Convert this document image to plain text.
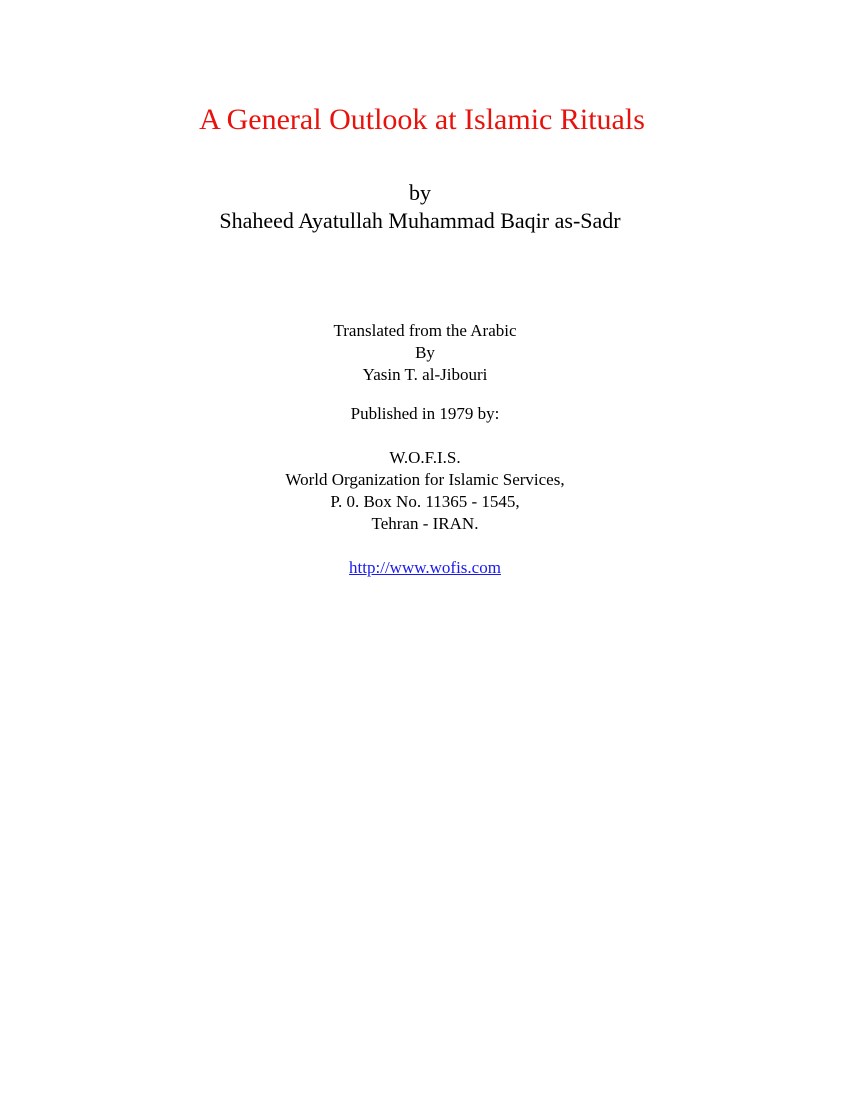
A General Outlook at Islamic Rituals
by
Shaheed Ayatullah Muhammad Baqir as-Sadr
Translated from the Arabic
By
Yasin T. al-Jibouri
Published in 1979 by:
W.O.F.I.S.
World Organization for Islamic Services,
P. 0. Box No. 11365 - 1545,
Tehran - IRAN.
http://www.wofis.com
